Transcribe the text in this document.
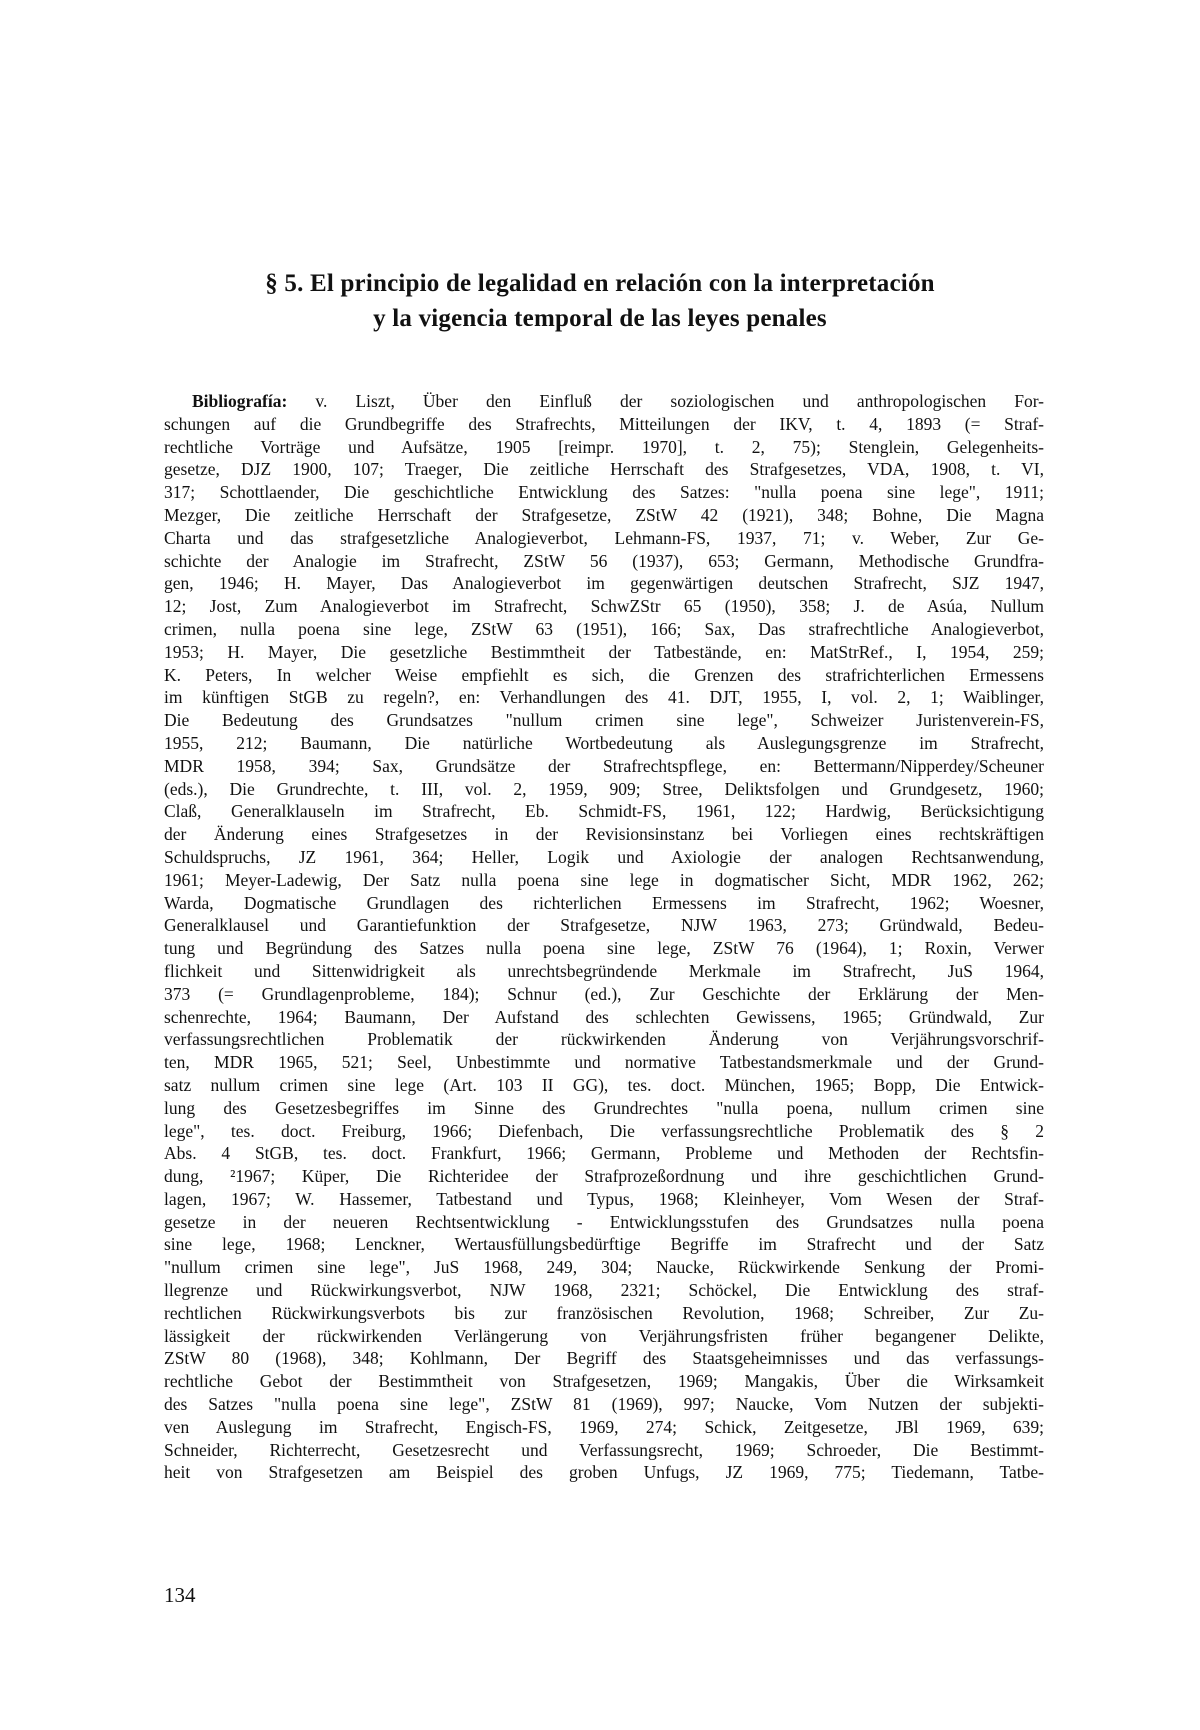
§ 5. El principio de legalidad en relación con la interpretación
y la vigencia temporal de las leyes penales
Bibliografía: v. Liszt, Über den Einfluß der soziologischen und anthropologischen For-
schungen auf die Grundbegriffe des Strafrechts, Mitteilungen der IKV, t. 4, 1893 (= Straf-
rechtliche Vorträge und Aufsätze, 1905 [reimpr. 1970], t. 2, 75); Stenglein, Gelegenheits-
gesetze, DJZ 1900, 107; Traeger, Die zeitliche Herrschaft des Strafgesetzes, VDA, 1908, t. VI,
317; Schottlaender, Die geschichtliche Entwicklung des Satzes: "nulla poena sine lege", 1911;
Mezger, Die zeitliche Herrschaft der Strafgesetze, ZStW 42 (1921), 348; Bohne, Die Magna
Charta und das strafgesetzliche Analogieverbot, Lehmann-FS, 1937, 71; v. Weber, Zur Ge-
schichte der Analogie im Strafrecht, ZStW 56 (1937), 653; Germann, Methodische Grundfra-
gen, 1946; H. Mayer, Das Analogieverbot im gegenwärtigen deutschen Strafrecht, SJZ 1947,
12; Jost, Zum Analogieverbot im Strafrecht, SchwZStr 65 (1950), 358; J. de Asúa, Nullum
crimen, nulla poena sine lege, ZStW 63 (1951), 166; Sax, Das strafrechtliche Analogieverbot,
1953; H. Mayer, Die gesetzliche Bestimmtheit der Tatbestände, en: MatStrRef., I, 1954, 259;
K. Peters, In welcher Weise empfiehlt es sich, die Grenzen des strafrichterlichen Ermessens
im künftigen StGB zu regeln?, en: Verhandlungen des 41. DJT, 1955, I, vol. 2, 1; Waiblinger,
Die Bedeutung des Grundsatzes "nullum crimen sine lege", Schweizer Juristenverein-FS,
1955, 212; Baumann, Die natürliche Wortbedeutung als Auslegungsgrenze im Strafrecht,
MDR 1958, 394; Sax, Grundsätze der Strafrechtspflege, en: Bettermann/Nipperdey/Scheuner
(eds.), Die Grundrechte, t. III, vol. 2, 1959, 909; Stree, Deliktsfolgen und Grundgesetz, 1960;
Claß, Generalklauseln im Strafrecht, Eb. Schmidt-FS, 1961, 122; Hardwig, Berücksichtigung
der Änderung eines Strafgesetzes in der Revisionsinstanz bei Vorliegen eines rechtskräftigen
Schuldspruchs, JZ 1961, 364; Heller, Logik und Axiologie der analogen Rechtsanwendung,
1961; Meyer-Ladewig, Der Satz nulla poena sine lege in dogmatischer Sicht, MDR 1962, 262;
Warda, Dogmatische Grundlagen des richterlichen Ermessens im Strafrecht, 1962; Woesner,
Generalklausel und Garantiefunktion der Strafgesetze, NJW 1963, 273; Gründwald, Bedeu-
tung und Begründung des Satzes nulla poena sine lege, ZStW 76 (1964), 1; Roxin, Verwer
flichkeit und Sittenwidrigkeit als unrechtsbegründende Merkmale im Strafrecht, JuS 1964,
373 (= Grundlagenprobleme, 184); Schnur (ed.), Zur Geschichte der Erklärung der Men-
schenrechte, 1964; Baumann, Der Aufstand des schlechten Gewissens, 1965; Gründwald, Zur
verfassungsrechtlichen Problematik der rückwirkenden Änderung von Verjährungsvorschrif-
ten, MDR 1965, 521; Seel, Unbestimmte und normative Tatbestandsmerkmale und der Grund-
satz nullum crimen sine lege (Art. 103 II GG), tes. doct. München, 1965; Bopp, Die Entwick-
lung des Gesetzesbegriffes im Sinne des Grundrechtes "nulla poena, nullum crimen sine
lege", tes. doct. Freiburg, 1966; Diefenbach, Die verfassungsrechtliche Problematik des § 2
Abs. 4 StGB, tes. doct. Frankfurt, 1966; Germann, Probleme und Methoden der Rechtsfin-
dung, ²1967; Küper, Die Richteridee der Strafprozeßordnung und ihre geschichtlichen Grund-
lagen, 1967; W. Hassemer, Tatbestand und Typus, 1968; Kleinheyer, Vom Wesen der Straf-
gesetze in der neueren Rechtsentwicklung - Entwicklungsstufen des Grundsatzes nulla poena
sine lege, 1968; Lenckner, Wertausfüllungsbedürftige Begriffe im Strafrecht und der Satz
"nullum crimen sine lege", JuS 1968, 249, 304; Naucke, Rückwirkende Senkung der Promi-
llegrenze und Rückwirkungsverbot, NJW 1968, 2321; Schöckel, Die Entwicklung des straf-
rechtlichen Rückwirkungsverbots bis zur französischen Revolution, 1968; Schreiber, Zur Zu-
lässigkeit der rückwirkenden Verlängerung von Verjährungsfristen früher begangener Delikte,
ZStW 80 (1968), 348; Kohlmann, Der Begriff des Staatsgeheimnisses und das verfassungs-
rechtliche Gebot der Bestimmtheit von Strafgesetzen, 1969; Mangakis, Über die Wirksamkeit
des Satzes "nulla poena sine lege", ZStW 81 (1969), 997; Naucke, Vom Nutzen der subjekti-
ven Auslegung im Strafrecht, Engisch-FS, 1969, 274; Schick, Zeitgesetze, JBl 1969, 639;
Schneider, Richterrecht, Gesetzesrecht und Verfassungsrecht, 1969; Schroeder, Die Bestimmt-
heit von Strafgesetzen am Beispiel des groben Unfugs, JZ 1969, 775; Tiedemann, Tatbe-
134
